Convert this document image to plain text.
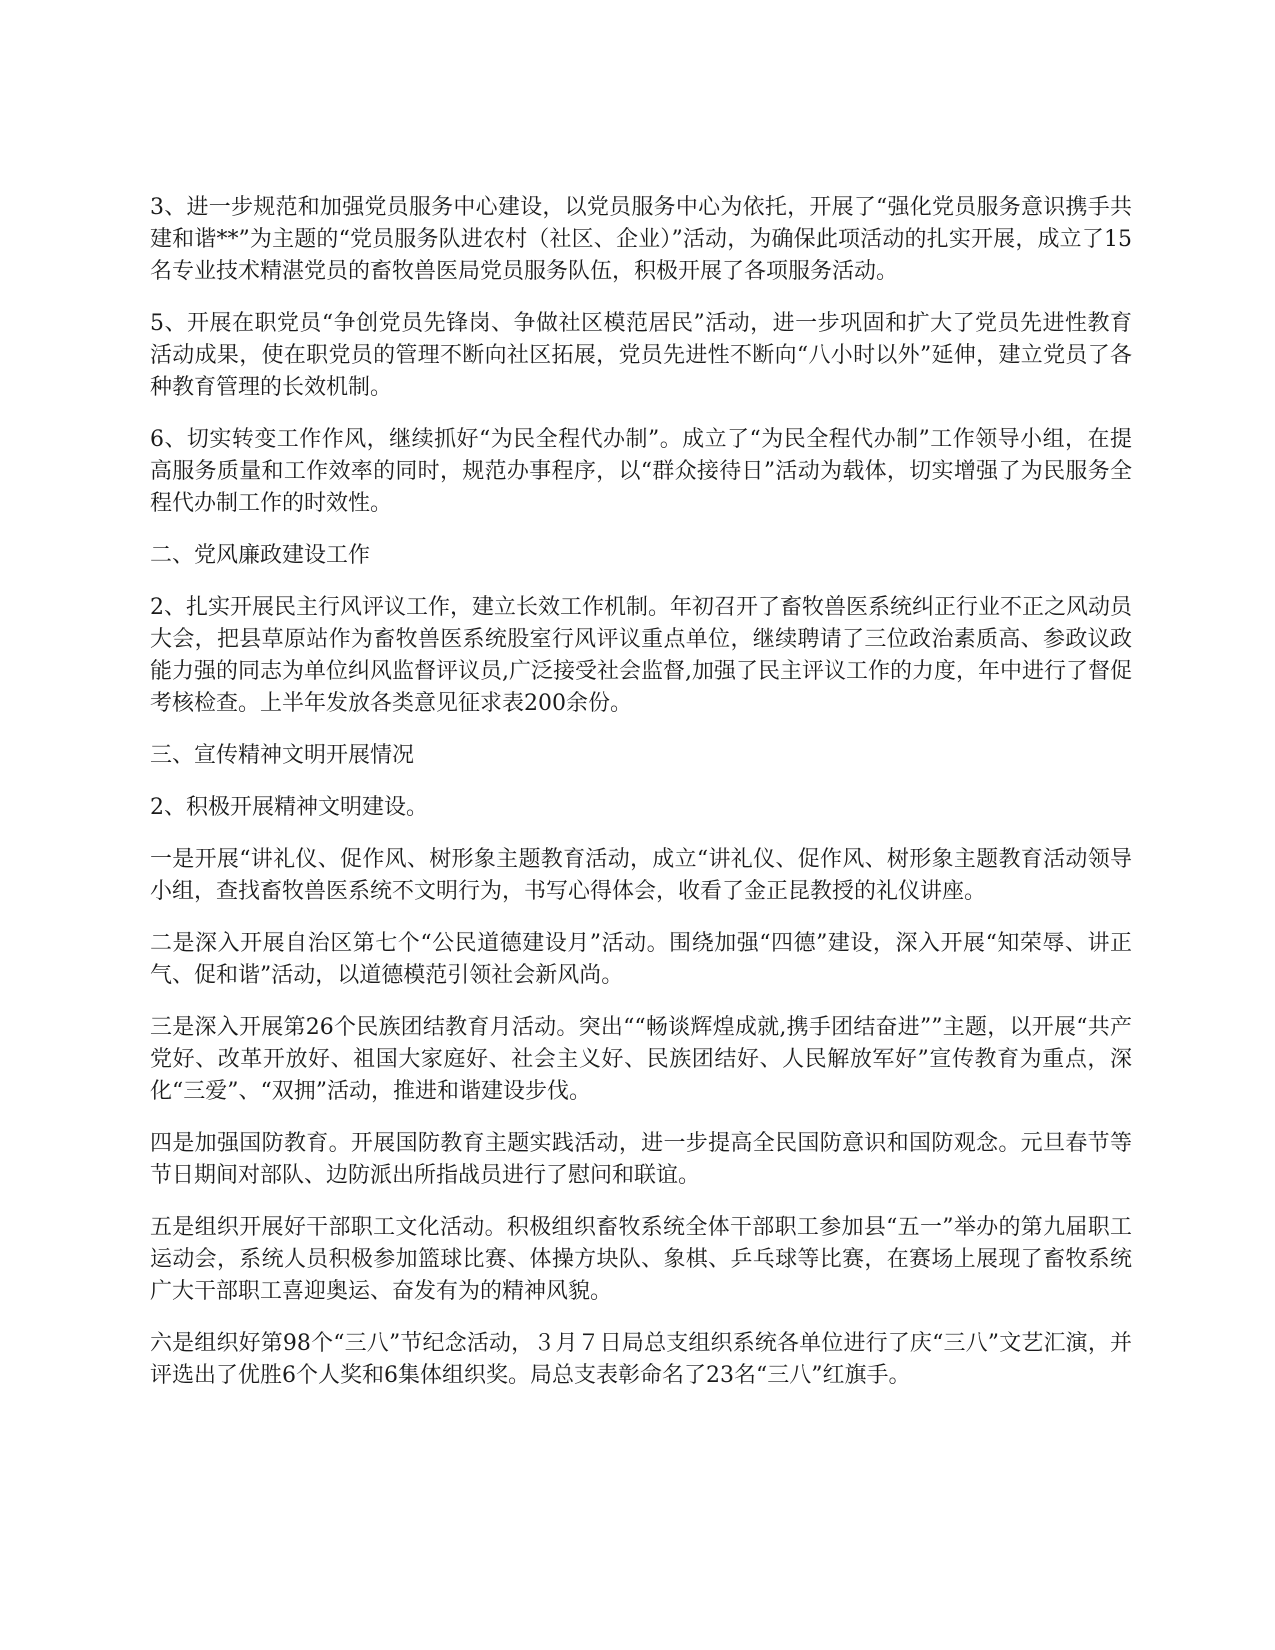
3、进一步规范和加强党员服务中心建设，以党员服务中心为依托，开展了“强化党员服务意识携手共建和谐**”为主题的“党员服务队进农村（社区、企业）”活动，为确保此项活动的扎实开展，成立了15名专业技术精湛党员的畜牧兽医局党员服务队伍，积极开展了各项服务活动。

5、开展在职党员“争创党员先锋岗、争做社区模范居民”活动，进一步巩固和扩大了党员先进性教育活动成果，使在职党员的管理不断向社区拓展，党员先进性不断向“八小时以外”延伸，建立党员了各种教育管理的长效机制。

6、切实转变工作作风，继续抓好“为民全程代办制”。成立了“为民全程代办制”工作领导小组，在提高服务质量和工作效率的同时，规范办事程序，以“群众接待日”活动为载体，切实增强了为民服务全程代办制工作的时效性。

二、党风廉政建设工作

2、扎实开展民主行风评议工作，建立长效工作机制。年初召开了畜牧兽医系统纠正行业不正之风动员大会，把县草原站作为畜牧兽医系统股室行风评议重点单位，继续聘请了三位政治素质高、参政议政能力强的同志为单位纠风监督评议员,广泛接受社会监督,加强了民主评议工作的力度，年中进行了督促考核检查。上半年发放各类意见征求表200余份。

三、宣传精神文明开展情况

2、积极开展精神文明建设。

一是开展“讲礼仪、促作风、树形象主题教育活动，成立“讲礼仪、促作风、树形象主题教育活动领导小组，查找畜牧兽医系统不文明行为，书写心得体会，收看了金正昆教授的礼仪讲座。

二是深入开展自治区第七个“公民道德建设月”活动。围绕加强“四德”建设，深入开展“知荣辱、讲正气、促和谐”活动，以道德模范引领社会新风尚。

三是深入开展第26个民族团结教育月活动。突出““畅谈辉煌成就,携手团结奋进””主题，以开展“共产党好、改革开放好、祖国大家庭好、社会主义好、民族团结好、人民解放军好”宣传教育为重点，深化“三爱”、“双拥”活动，推进和谐建设步伐。

四是加强国防教育。开展国防教育主题实践活动，进一步提高全民国防意识和国防观念。元旦春节等节日期间对部队、边防派出所指战员进行了慰问和联谊。

五是组织开展好干部职工文化活动。积极组织畜牧系统全体干部职工参加县“五一”举办的第九届职工运动会，系统人员积极参加篮球比赛、体操方块队、象棋、乒乓球等比赛，在赛场上展现了畜牧系统广大干部职工喜迎奥运、奋发有为的精神风貌。

六是组织好第98个“三八”节纪念活动，３月７日局总支组织系统各单位进行了庆“三八”文艺汇演，并评选出了优胜6个人奖和6集体组织奖。局总支表彰命名了23名“三八”红旗手。
